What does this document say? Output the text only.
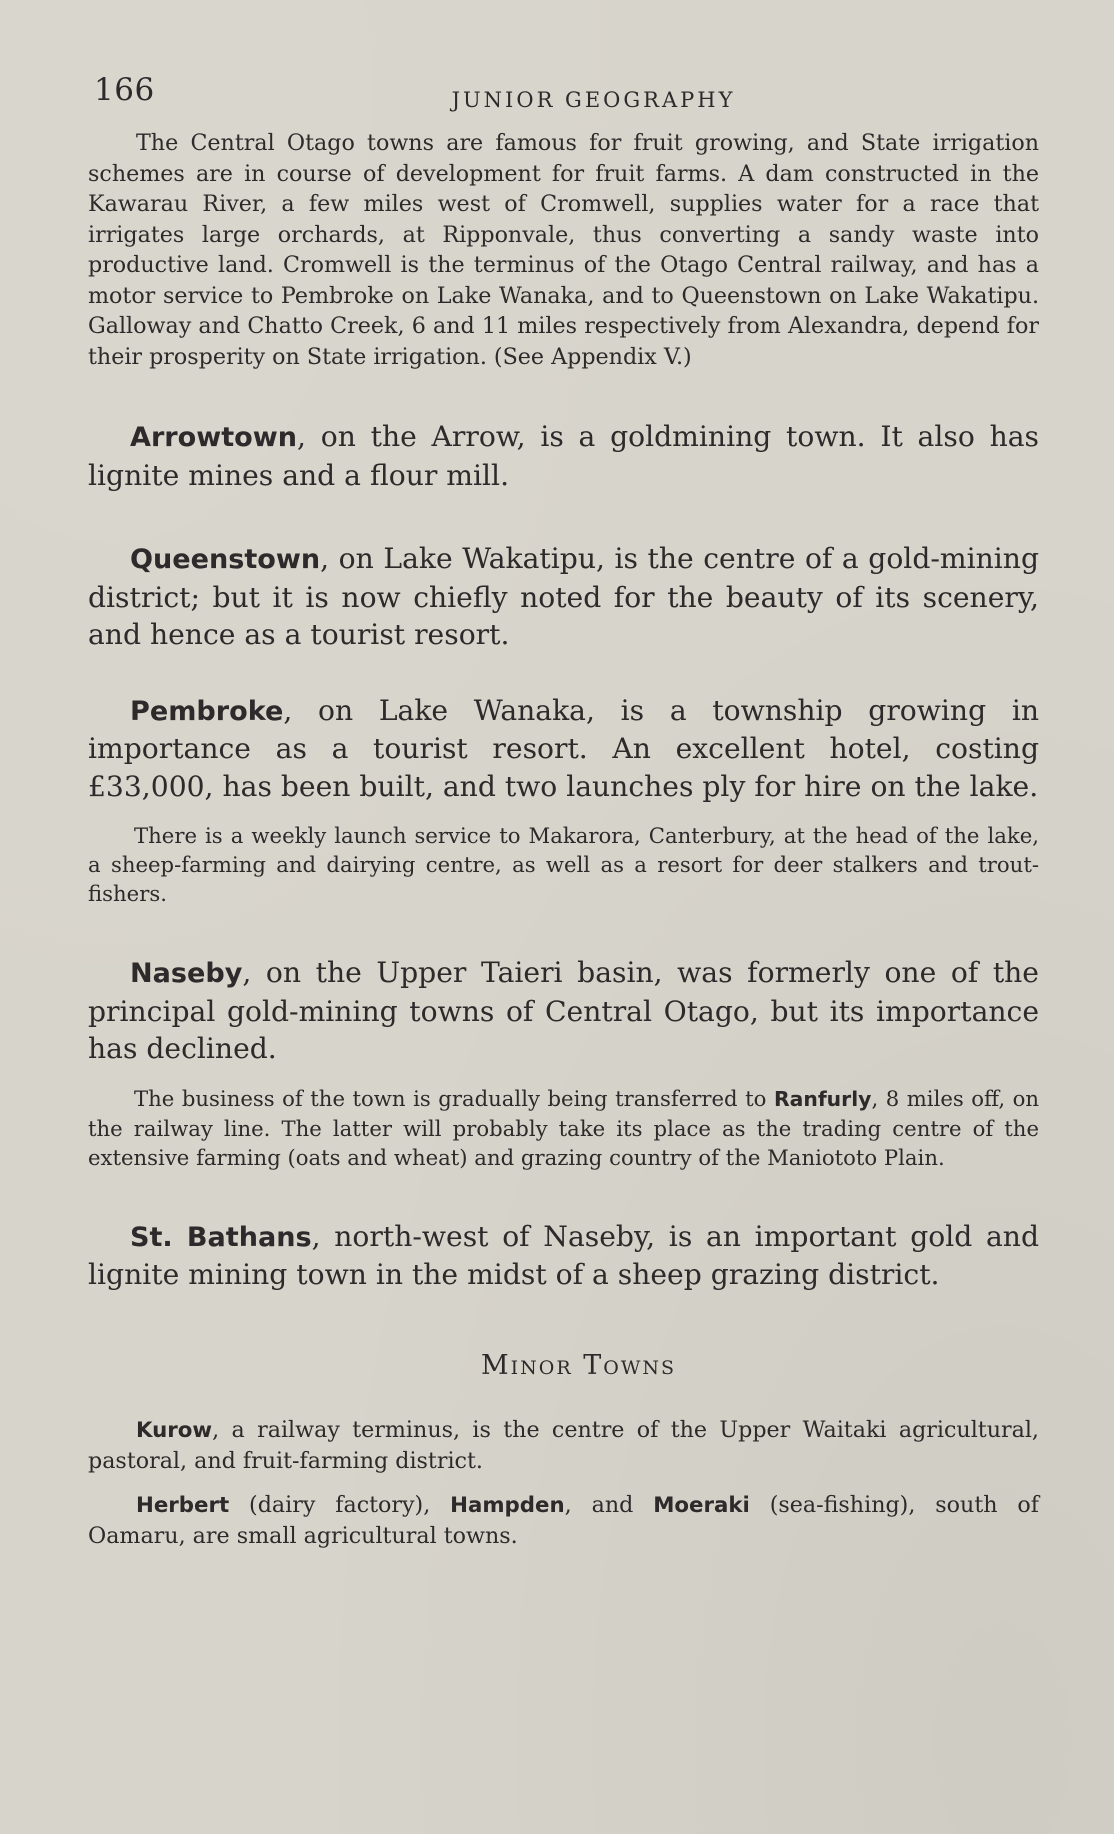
166	JUNIOR GEOGRAPHY

The Central Otago towns are famous for fruit growing, and State irrigation schemes are in course of development for fruit farms. A dam constructed in the Kawarau River, a few miles west of Cromwell, supplies water for a race that irrigates large orchards, at Ripponvale, thus converting a sandy waste into productive land. Cromwell is the terminus of the Otago Central railway, and has a motor service to Pembroke on Lake Wanaka, and to Queenstown on Lake Wakatipu. Galloway and Chatto Creek, 6 and 11 miles respectively from Alexandra, depend for their prosperity on State irrigation. (See Appendix V.)

Arrowtown, on the Arrow, is a goldmining town. It also has lignite mines and a flour mill.

Queenstown, on Lake Wakatipu, is the centre of a gold-mining district; but it is now chiefly noted for the beauty of its scenery, and hence as a tourist resort.

Pembroke, on Lake Wanaka, is a township growing in importance as a tourist resort. An excellent hotel, costing £33,000, has been built, and two launches ply for hire on the lake.

There is a weekly launch service to Makarora, Canterbury, at the head of the lake, a sheep-farming and dairying centre, as well as a resort for deer stalkers and trout-fishers.

Naseby, on the Upper Taieri basin, was formerly one of the principal gold-mining towns of Central Otago, but its importance has declined.

The business of the town is gradually being transferred to Ranfurly, 8 miles off, on the railway line. The latter will probably take its place as the trading centre of the extensive farming (oats and wheat) and grazing country of the Maniototo Plain.

St. Bathans, north-west of Naseby, is an important gold and lignite mining town in the midst of a sheep grazing district.

Minor Towns

Kurow, a railway terminus, is the centre of the Upper Waitaki agricultural, pastoral, and fruit-farming district.

Herbert (dairy factory), Hampden, and Moeraki (sea-fishing), south of Oamaru, are small agricultural towns.
